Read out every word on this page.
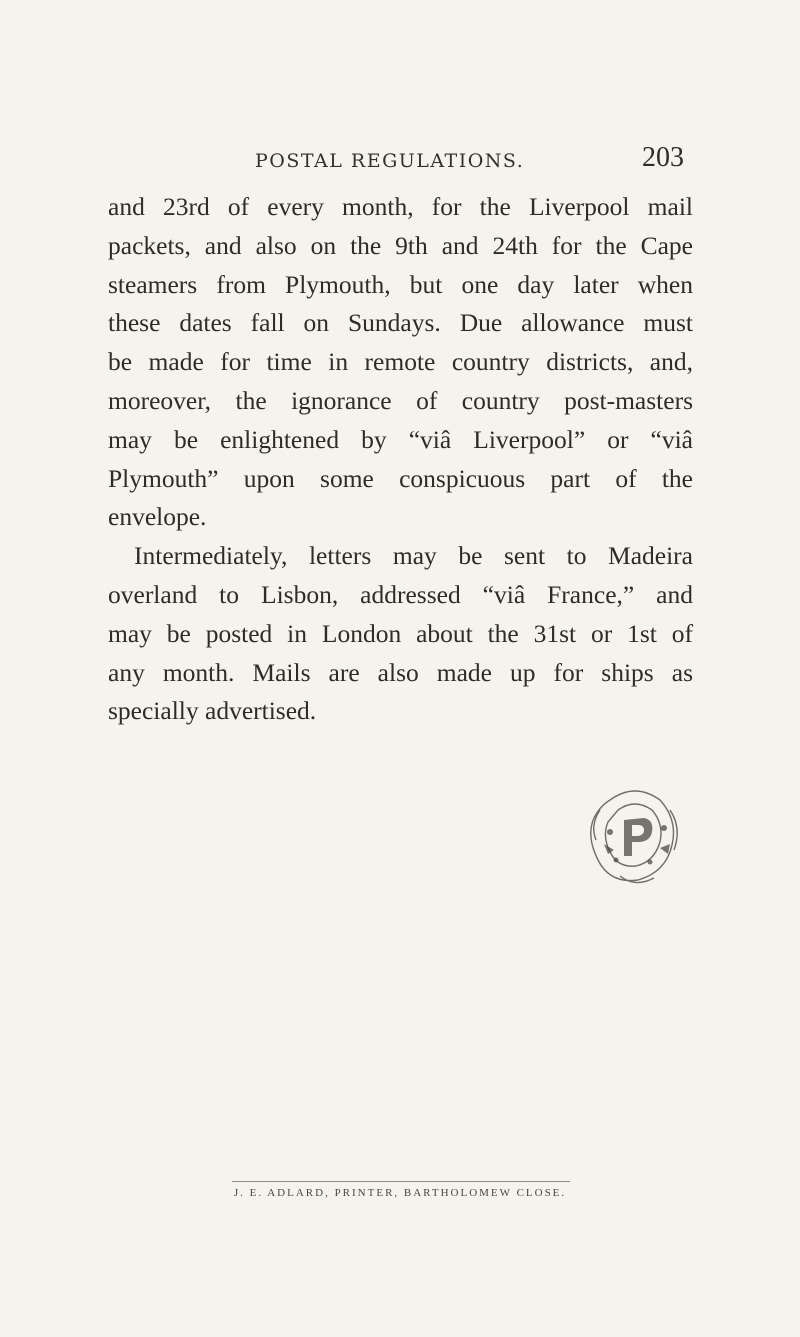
POSTAL REGULATIONS.	203

and 23rd of every month, for the Liverpool mail
packets, and also on the 9th and 24th for the Cape
steamers from Plymouth, but one day later when
these dates fall on Sundays. Due allowance must
be made for time in remote country districts, and,
moreover, the ignorance of country post-masters
may be enlightened by “viâ Liverpool” or “viâ
Plymouth” upon some conspicuous part of the
envelope.

Intermediately, letters may be sent to Madeira
overland to Lisbon, addressed “viâ France,” and
may be posted in London about the 31st or 1st of
any month. Mails are also made up for ships as
specially advertised.

P
J. E. ADLARD, PRINTER, BARTHOLOMEW CLOSE.
